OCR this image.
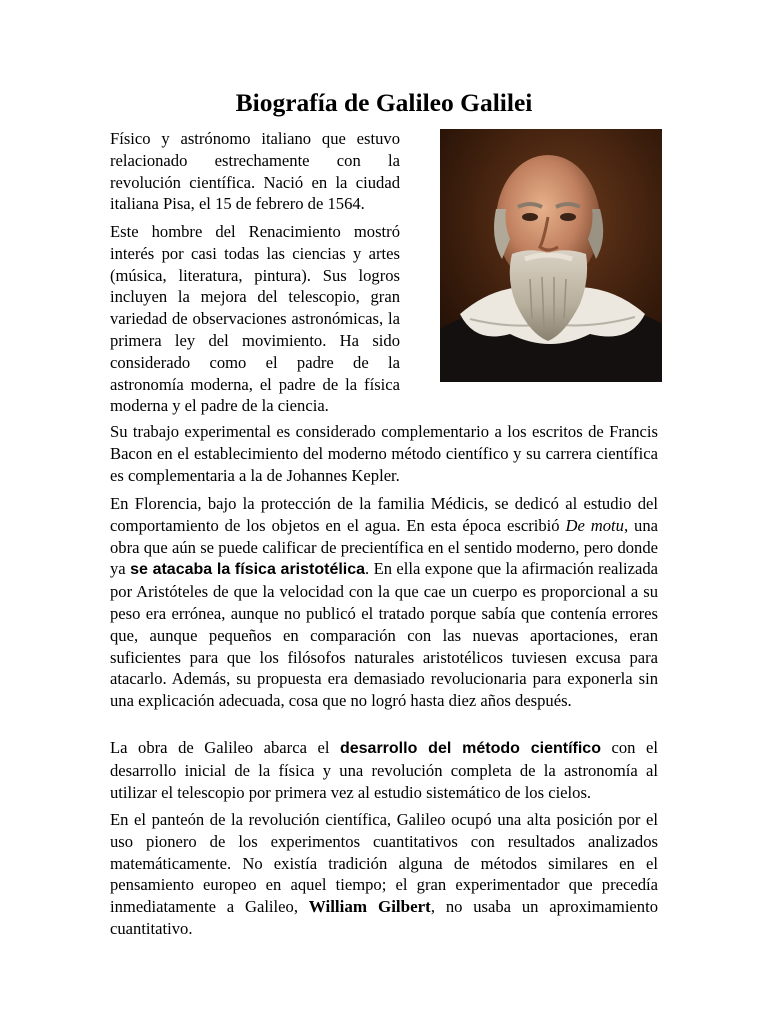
Biografía de Galileo Galilei

Físico y astrónomo italiano que estuvo relacionado estrechamente con la revolución científica. Nació en la ciudad italiana Pisa, el 15 de febrero de 1564.

Este hombre del Renacimiento mostró interés por casi todas las ciencias y artes (música, literatura, pintura). Sus logros incluyen la mejora del telescopio, gran variedad de observaciones astronómicas, la primera ley del movimiento. Ha sido considerado como el padre de la astronomía moderna, el padre de la física moderna y el padre de la ciencia.

Su trabajo experimental es considerado complementario a los escritos de Francis Bacon en el establecimiento del moderno método científico y su carrera científica es complementaria a la de Johannes Kepler.

En Florencia, bajo la protección de la familia Médicis, se dedicó al estudio del comportamiento de los objetos en el agua. En esta época escribió De motu, una obra que aún se puede calificar de precientífica en el sentido moderno, pero donde ya se atacaba la física aristotélica. En ella expone que la afirmación realizada por Aristóteles de que la velocidad con la que cae un cuerpo es proporcional a su peso era errónea, aunque no publicó el tratado porque sabía que contenía errores que, aunque pequeños en comparación con las nuevas aportaciones, eran suficientes para que los filósofos naturales aristotélicos tuviesen excusa para atacarlo. Además, su propuesta era demasiado revolucionaria para exponerla sin una explicación adecuada, cosa que no logró hasta diez años después.

La obra de Galileo abarca el desarrollo del método científico con el desarrollo inicial de la física y una revolución completa de la astronomía al utilizar el telescopio por primera vez al estudio sistemático de los cielos.

En el panteón de la revolución científica, Galileo ocupó una alta posición por el uso pionero de los experimentos cuantitativos con resultados analizados matemáticamente. No existía tradición alguna de métodos similares en el pensamiento europeo en aquel tiempo; el gran experimentador que precedía inmediatamente a Galileo, William Gilbert, no usaba un aproximamiento cuantitativo.
